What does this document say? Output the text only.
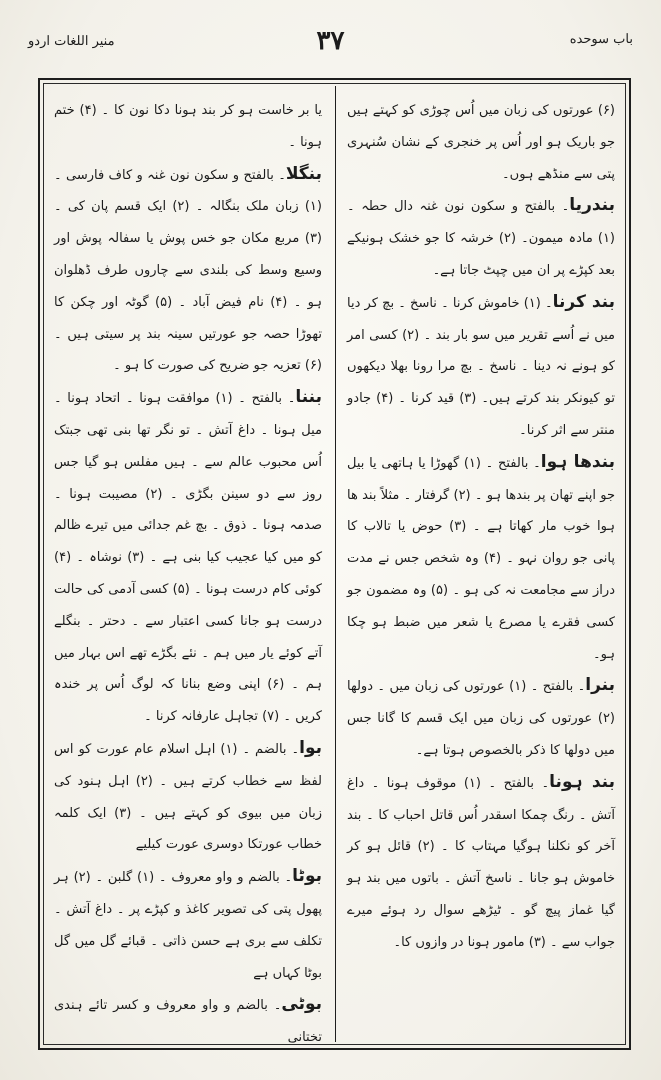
منیر اللغات اردو	۳۷	باب سوحده

(۶) عورتوں کی زبان میں اُس چوڑی کو کہتے ہیں جو باریک ہو اور اُس پر خنجری کے نشان سُنہری پتی سے منڈھے ہوں۔

بندریا۔ بالفتح و سکون نون غنہ دال حطہ ۔ (۱) مادہ میمون۔ (۲) خرشہ کا جو خشک ہونیکے بعد کپڑے پر ان میں چپٹ جاتا ہے۔

بند کرنا۔ (۱) خاموش کرنا ۔ ناسخ ۔ بچ کر دیا میں نے اُسے تقریر میں سو بار بند ۔ (۲) کسی امر کو ہونے نہ دینا ۔ ناسخ ۔ بچ مرا رونا بھلا دیکھوں تو کیونکر بند کرتے ہیں۔ (۳) قید کرنا ۔ (۴) جادو منتر سے اثر کرنا۔

بندھا ہوا۔ بالفتح ۔ (۱) گھوڑا یا ہاتھی یا بیل جو اپنے تھان پر بندھا ہو ۔ (۲) گرفتار ۔ مثلاً بند ھا ہوا خوب مار کھاتا ہے ۔ (۳) حوض یا تالاب کا پانی جو روان نہو ۔ (۴) وہ شخص جس نے مدت دراز سے مجامعت نہ کی ہو ۔ (۵) وہ مضمون جو کسی فقرے یا مصرع یا شعر میں ضبط ہو چکا ہو۔

بنرا۔ بالفتح ۔ (۱) عورتوں کی زبان میں ۔ دولھا (۲) عورتوں کی زبان میں ایک قسم کا گانا جس میں دولھا کا ذکر بالخصوص ہوتا ہے۔

بند ہونا۔ بالفتح ۔ (۱) موقوف ہونا ۔ داغ آتش ۔ رنگ چمکا اسقدر اُس قاتل احباب کا ۔ بند آخر کو نکلنا ہوگیا مہتاب کا ۔ (۲) قائل ہو کر خاموش ہو جانا ۔ ناسخ آتش ۔ باتوں میں بند ہو گیا غماز پیچ گو ۔ ٹیڑھے سوال رد ہوئے میرے جواب سے ۔ (۳) مامور ہونا در وازوں کا۔

یا بر خاست ہو کر بند ہونا دکا نون کا ۔ (۴) ختم ہونا ۔

بنگلا۔ بالفتح و سکون نون غنہ و کاف فارسی ۔ (۱) زبان ملک بنگالہ ۔ (۲) ایک قسم پان کی ۔ (۳) مربع مکان جو خس پوش یا سفالہ پوش اور وسیع وسط کی بلندی سے چاروں طرف ڈھلوان ہو ۔ (۴) نام فیض آباد ۔ (۵) گوٹہ اور چکن کا تھوڑا حصہ جو عورتیں سینہ بند پر سیتی ہیں ۔ (۶) تعزیہ جو ضریح کی صورت کا ہو ۔

بننا۔ بالفتح ۔ (۱) موافقت ہونا ۔ اتحاد ہونا ۔ میل ہونا ۔ داغ آتش ۔ تو نگر تھا بنی تھی جبتک اُس محبوب عالم سے ۔ ہیں مفلس ہو گیا جس روز سے دو سینن بگڑی ۔ (۲) مصیبت ہونا ۔ صدمہ ہونا ۔ ذوق ۔ بچ غم جدائی میں تیرے ظالم کو میں کیا عجیب کیا بنی ہے ۔ (۳) نوشاہ ۔ (۴) کوئی کام درست ہونا ۔ (۵) کسی آدمی کی حالت درست ہو جانا کسی اعتبار سے ۔ دحتر ۔ بنگلے آتے کوئے یار میں ہم ۔ نئے بگڑے تھے اس بہار میں ہم ۔ (۶) اپنی وضع بنانا کہ لوگ اُس پر خندہ کریں ۔ (۷) تجاہل عارفانہ کرنا ۔

بوا۔ بالضم ۔ (۱) اہل اسلام عام عورت کو اس لفظ سے خطاب کرتے ہیں ۔ (۲) اہل ہنود کی زبان میں بیوی کو کہتے ہیں ۔ (۳) ایک کلمہ خطاب عورتکا دوسری عورت کیلیے

بوٹا۔ بالضم و واو معروف ۔ (۱) گلبن ۔ (۲) ہر پھول پتی کی تصویر کاغذ و کپڑے پر ۔ داغ آتش ۔ تکلف سے بری ہے حسن ذاتی ۔ قبائے گل میں گل بوٹا کہاں ہے

بوٹی۔ بالضم و واو معروف و کسر تائے ہندی تختانی
